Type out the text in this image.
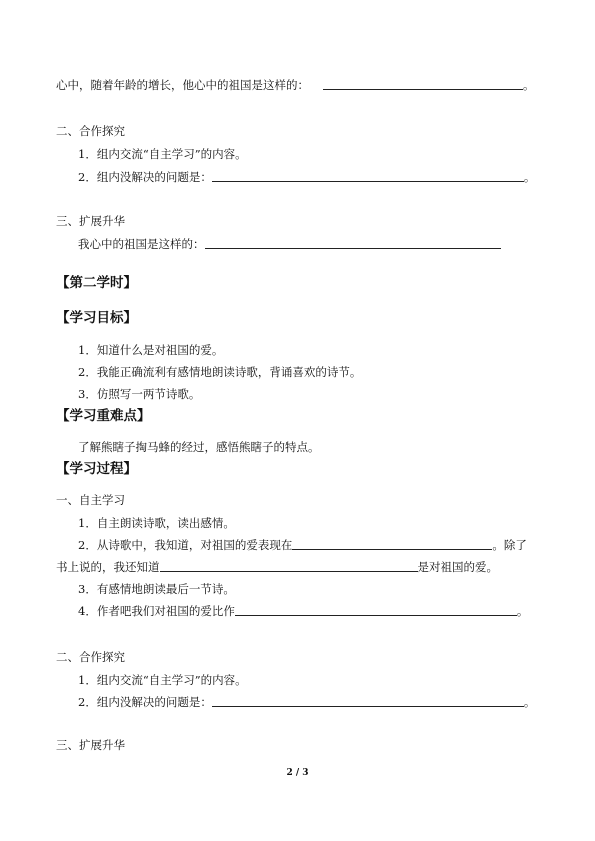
心中，随着年龄的增长，他心中的祖国是这样的：	。
二、合作探究
1．组内交流“自主学习”的内容。
2．组内没解决的问题是：	。
三、扩展升华
我心中的祖国是这样的：
【第二学时】
【学习目标】
1．知道什么是对祖国的爱。
2．我能正确流利有感情地朗读诗歌，背诵喜欢的诗节。
3．仿照写一两节诗歌。
【学习重难点】
了解熊瞎子掏马蜂的经过，感悟熊瞎子的特点。
【学习过程】
一、自主学习
1．自主朗读诗歌，读出感情。
2．从诗歌中，我知道，对祖国的爱表现在	。除了
书上说的，我还知道	是对祖国的爱。
3．有感情地朗读最后一节诗。
4．作者吧我们对祖国的爱比作	。
二、合作探究
1．组内交流“自主学习”的内容。
2．组内没解决的问题是：	。
三、扩展升华
2 / 3
